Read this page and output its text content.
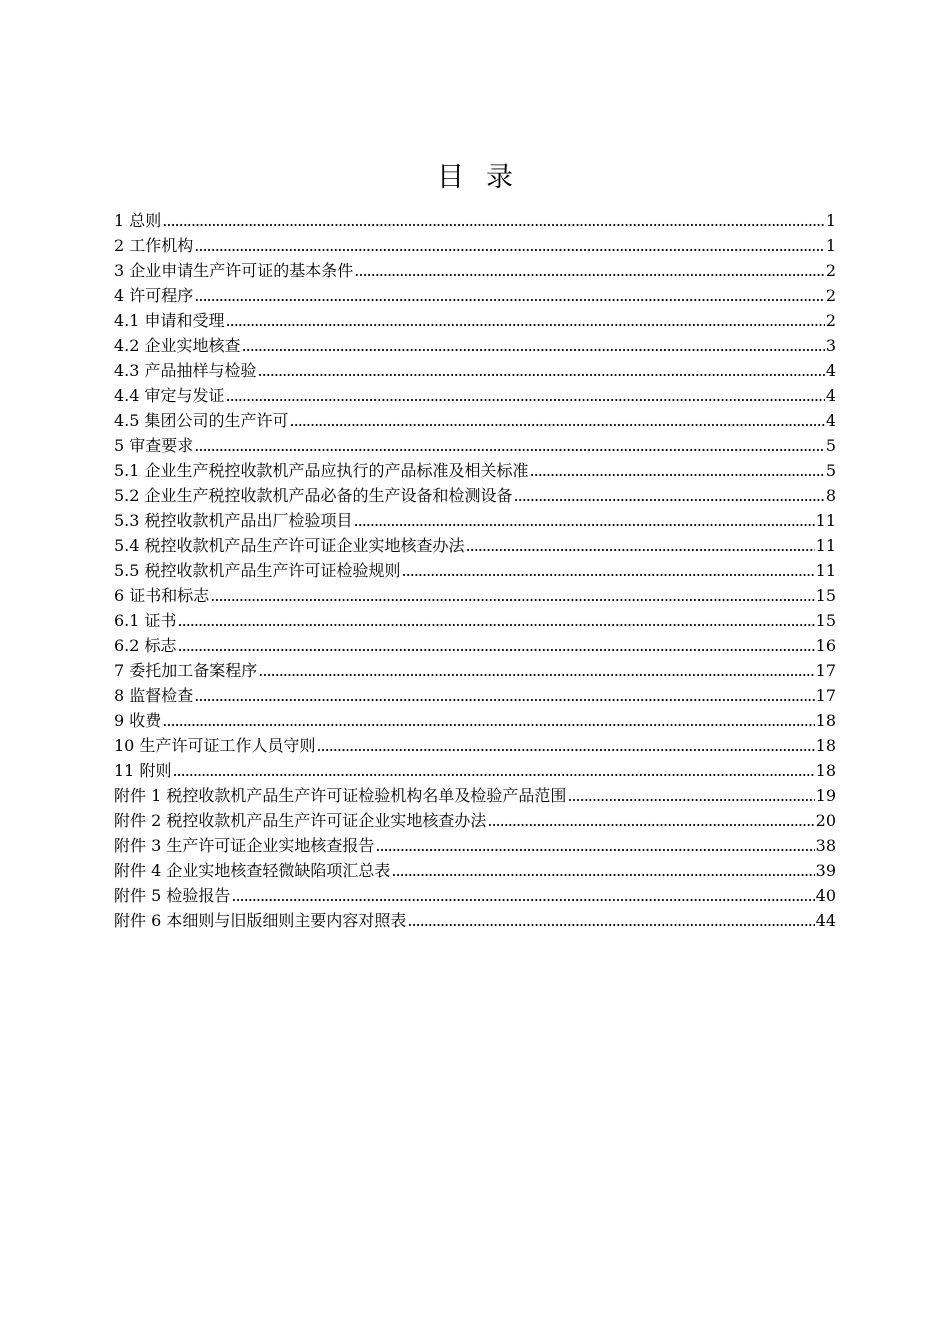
目 录
1 总则 .....	1
2 工作机构 .....	1
3 企业申请生产许可证的基本条件 .....	2
4 许可程序 .....	2
4.1 申请和受理 .....	2
4.2 企业实地核查 .....	3
4.3 产品抽样与检验 .....	4
4.4 审定与发证 .....	4
4.5 集团公司的生产许可 .....	4
5 审查要求 .....	5
5.1 企业生产税控收款机产品应执行的产品标准及相关标准 .....	5
5.2 企业生产税控收款机产品必备的生产设备和检测设备 .....	8
5.3 税控收款机产品出厂检验项目 .....	11
5.4 税控收款机产品生产许可证企业实地核查办法 .....	11
5.5 税控收款机产品生产许可证检验规则 .....	11
6 证书和标志 .....	15
6.1 证书 .....	15
6.2 标志 .....	16
7 委托加工备案程序 .....	17
8 监督检查 .....	17
9 收费 .....	18
10 生产许可证工作人员守则 .....	18
11 附则 .....	18
附件 1 税控收款机产品生产许可证检验机构名单及检验产品范围 .....	19
附件 2 税控收款机产品生产许可证企业实地核查办法 .....	20
附件 3 生产许可证企业实地核查报告 .....	38
附件 4 企业实地核查轻微缺陷项汇总表 .....	39
附件 5 检验报告 .....	40
附件 6 本细则与旧版细则主要内容对照表 .....	44
